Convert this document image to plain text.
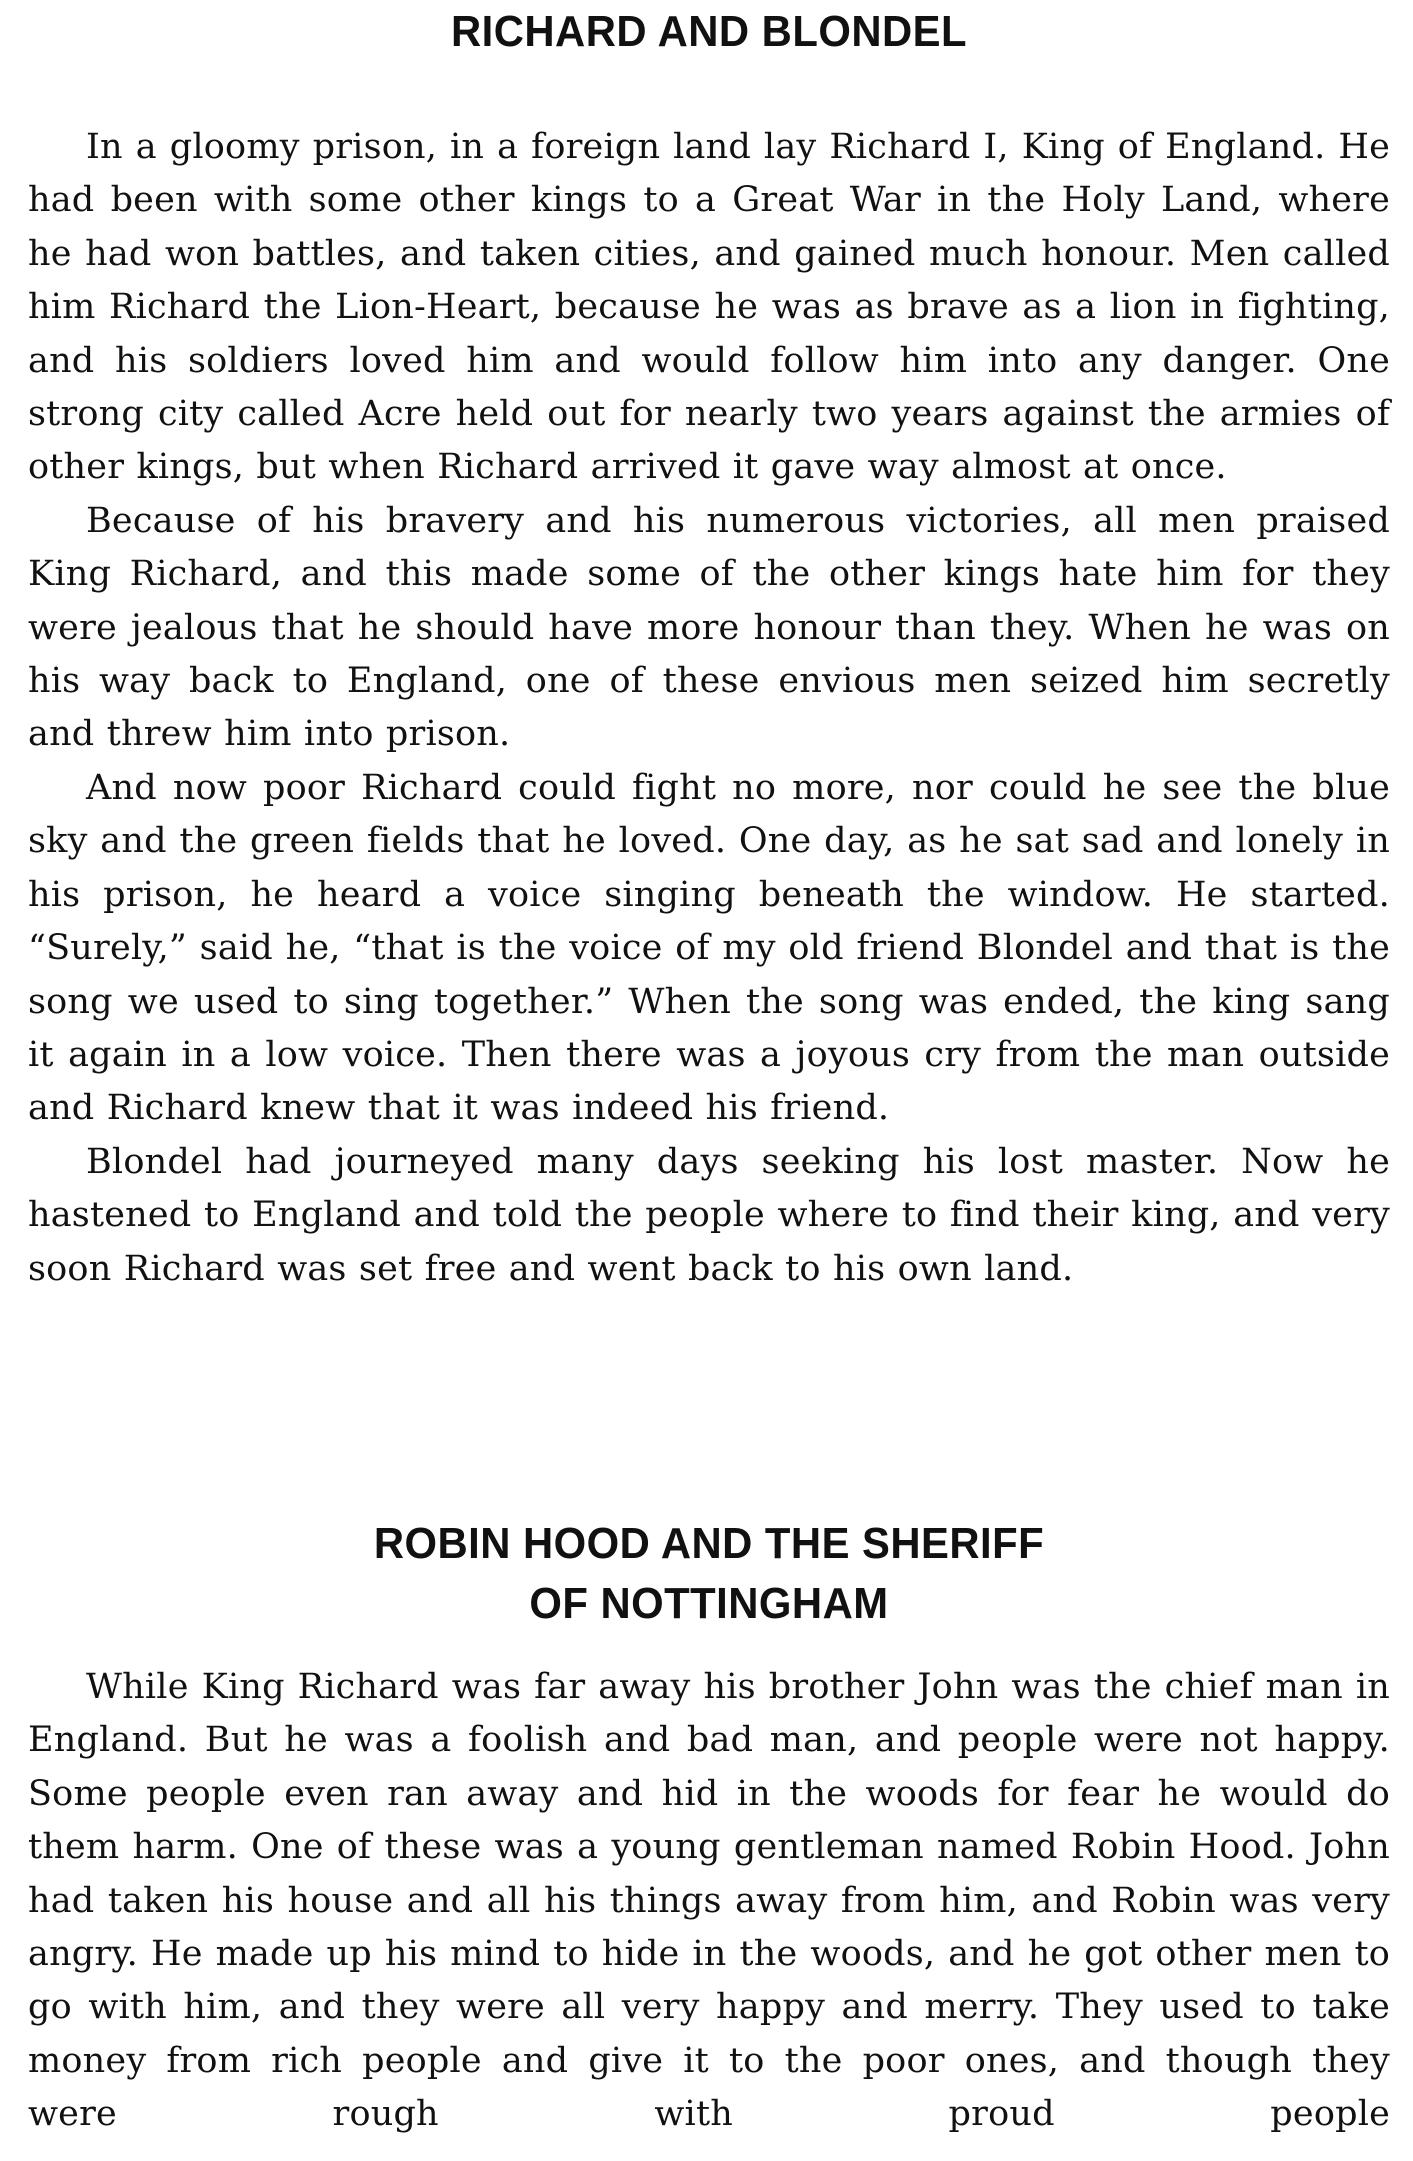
RICHARD AND BLONDEL

In a gloomy prison, in a foreign land lay Richard I, King of England. He had been with some other kings to a Great War in the Holy Land, where he had won battles, and taken cities, and gained much honour. Men called him Richard the Lion-Heart, because he was as brave as a lion in fighting, and his soldiers loved him and would follow him into any danger. One strong city called Acre held out for nearly two years against the armies of other kings, but when Richard arrived it gave way almost at once.

Because of his bravery and his numerous victories, all men praised King Richard, and this made some of the other kings hate him for they were jealous that he should have more honour than they. When he was on his way back to England, one of these envious men seized him secretly and threw him into prison.

And now poor Richard could fight no more, nor could he see the blue sky and the green fields that he loved. One day, as he sat sad and lonely in his prison, he heard a voice singing beneath the window. He started. “Surely,” said he, “that is the voice of my old friend Blondel and that is the song we used to sing together.” When the song was ended, the king sang it again in a low voice. Then there was a joyous cry from the man outside and Richard knew that it was indeed his friend.

Blondel had journeyed many days seeking his lost master. Now he hastened to England and told the people where to find their king, and very soon Richard was set free and went back to his own land.

ROBIN HOOD AND THE SHERIFF
OF NOTTINGHAM

While King Richard was far away his brother John was the chief man in England. But he was a foolish and bad man, and people were not happy. Some people even ran away and hid in the woods for fear he would do them harm. One of these was a young gentleman named Robin Hood. John had taken his house and all his things away from him, and Robin was very angry. He made up his mind to hide in the woods, and he got other men to go with him, and they were all very happy and merry. They used to take money from rich people and give it to the poor ones, and though they were rough with proud people
